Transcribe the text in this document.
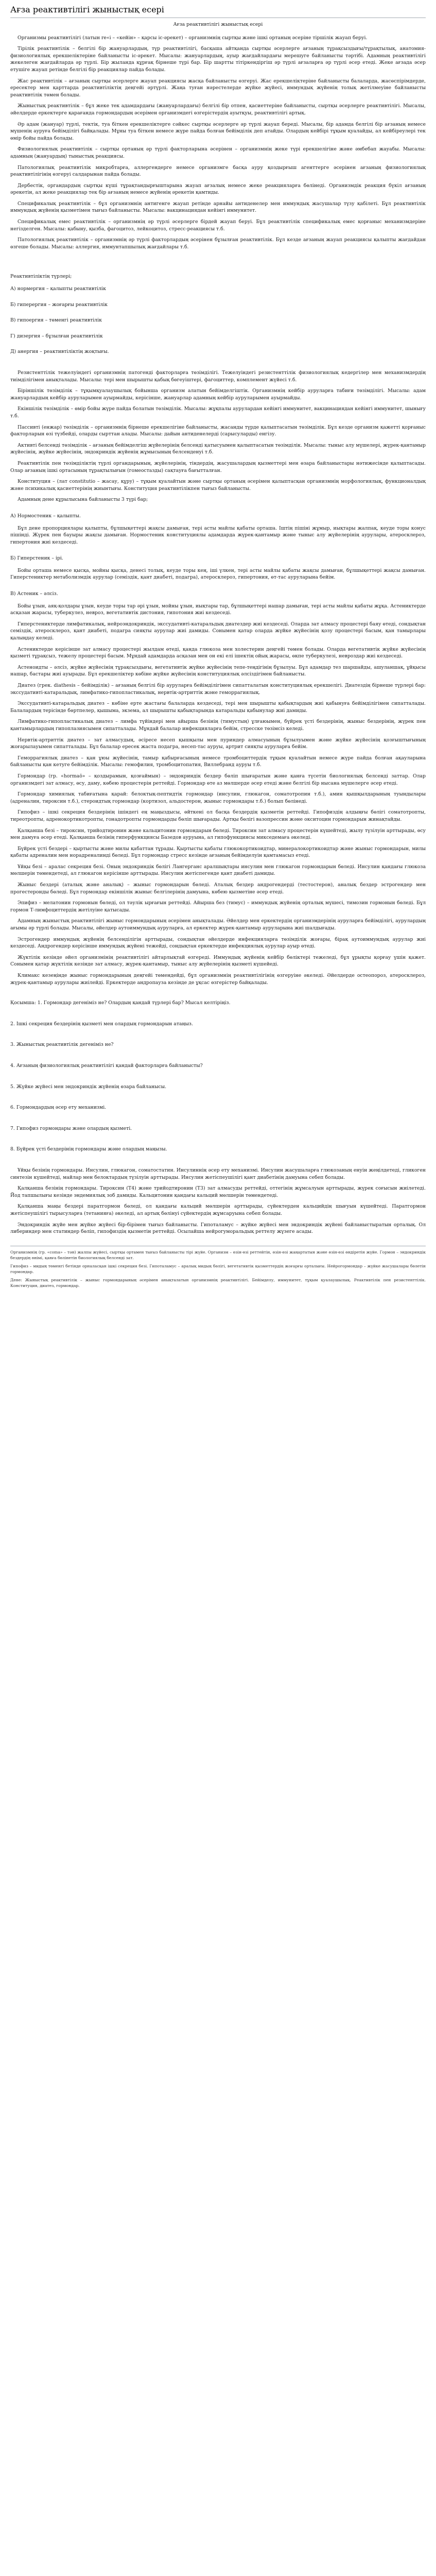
Ағза реактивтілігі жыныстық есері
Ағза реактивтілігі жыныстық есері

Организмы реактивтілігі (латын re«і – «кейін» – қарсы іс-әрекет) – организмнің сыртқы және ішкі ортаның әсеріне тіршілік жауап беруі.

Тірілік реактивтілік – белгілі бір жануарлардың, түр реактивтілігі, басқаша айтқанда сыртқы әсерлерге ағзаның тұрақсыздығы/тұрақтылық, анатомия-физиологиялық ерекшеліктеріне байланысты іс-әрекет. Мысалы: жануарлардың, ауыр жағдайлардағы мерешуге байланысты тәртібі. Адамның реактивтілігі жекелеген жағдайларда әр түрлі. Бір жыланда құрғақ бірнеше түрі бар. Бір шартты тітіркендіргіш әр түрлі ағзаларға әр түрлі әсер етеді. Жеке ағзада әсер етушіге жауап ретінде белгілі бір реакциялар пайда болады.

Жас реактивтілік – ағзаның сыртқы әсерлерге жауап реакциясы жасқа байланысты өзгеруі. Жас ерекшеліктеріне байланысты балаларда, жасөспірімдерде, ересектер мен қарттарда реактивтіліктің деңгейі әртүрлі. Жаңа туған нәрестелерде жүйке жүйесі, иммундық жүйенің толық жетілмеуіне байланысты реактивтілік төмен болады.

Жыныстық реактивтілік – бұл жеке тек адамдардағы (жануарлардағы) белгілі бір отпен, қасиеттеріне байланысты, сыртқы әсерлерге реактивтілігі. Мысалы, әйелдерде еркектерге қарағанда гормондардың әсерімен организмдегі өзгерістердің ауытқуы, реактивтілігі артық.

Әр адам (жануар) түрлі, тектік, туа біткен ерекшеліктерге сәйкес сыртқы әсерлерге әр түрлі жауап береді. Мысалы, бір адамда белгілі бір ағзаның немесе мүшенің ауруға бейімділігі байқалады. Мұны туа біткен немесе жүре пайда болған бейімділік деп атайды. Олардың кейбірі тұқым қуалайды, ал кейбіреулері тек өмір бойы пайда болады.

Физиологиялық реактивтілік – сыртқы ортаның әр түрлі факторларына әсерінен – организмнің жеке түрі ерекшелігіне және әмбебап жауабы. Мысалы: адамның (жануардың) тыныстық реакциясы.

Патологиялық реактивтілік микробтарға, аллергендерге немесе организмге басқа ауру қоздырғыш агенттерге әсерінен ағзаның физиологиялық реактивтілігінің өзгеруі салдарынан пайда болады.

Дербестік, органдардың сыртқы күші тұрақтандырғыштарына жауап ағзалық немесе жеке реакцияларға бөлінеді. Организмдік реакция бүкіл ағзаның әрекетін, ал жеке реакциялар тек бір ағзаның немесе жүйенің әрекетін қамтиды.

Спецификалық реактивтілік – бұл организмнің антигенге жауап ретінде арнайы антиденелер мен иммундық жасушалар түзу қабілеті. Бұл реактивтілік иммундық жүйенің қызметімен тығыз байланысты. Мысалы: вакцинациядан кейінгі иммунитет.

Спецификалық емес реактивтілік – организмнің әр түрлі әсерлерге бірдей жауап беруі. Бұл реактивтілік спецификалық емес қорғаныс механизмдеріне негізделген. Мысалы: қабыну, қызба, фагоцитоз, лейкоцитоз, стресс-реакциясы т.б.

Патологиялық реактивтілік – организмнің әр түрлі факторлардың әсерінен бұзылған реактивтілік. Бұл кезде ағзаның жауап реакциясы қалыпты жағдайдан өзгеше болады. Мысалы: аллергия, иммунтапшылық жағдайлары т.б.

Реактивтіліктің түрлері;
А) нормергия – қалыпты реактивтілік
Б) гиперергия – жоғарғы реактивтілік
В) гипоергия – төменгі реактивтілік
Г) дизергия – бұзылған реактивтілік
Д) анергия – реактивтіліктің жоқтығы.

Резистенттілік тежелуіндегі организмнің патогенді факторларға төзімділігі. Тежелуіндегі резистенттілік физиологиялық кедергілер мен механизмдердің тиімділігімен анықталады. Мысалы: тері мен шырышты қабық бөгеуіштері, фагоциттер, комплемент жүйесі т.б.

Біріншілік төзімділік – тұқымқуалаушылық бойынша организм алатын бейімделгіштік. Организмнің кейбір ауруларға табиғи төзімділігі. Мысалы: адам жануарлардың кейбір ауруларымен ауырмайды, керісінше, жануарлар адамның кейбір ауруларымен ауырмайды.

Екіншілік төзімділік – өмір бойы жүре пайда болатын төзімділік. Мысалы: жұқпалы аурулардан кейінгі иммунитет, вакцинациядан кейінгі иммунитет, шынығу т.б.

Пассивті (енжар) төзімділік – организмнің бірнеше ерекшелігіне байланысты, жасанды түрде қалыптасатын төзімділік. Бұл кезде организм қажетті қорғаныс факторларын өзі түзбейді, оларды сырттан алады. Мысалы: дайын антиденелерді (сарысуларды) енгізу.

Активті белсенді төзімділік – ағзаның бейімделгіш жүйелерінің белсенді қатысуымен қалыптасатын төзімділік. Мысалы: тыныс алу мүшелері, жүрек-қантамыр жүйесінің, жүйке жүйесінің, эндокриндік жүйенің жұмысының белсенденуі т.б.

Реактивтілік пен төзімділіктің түрлі органдарының, жүйелерінің, тіндердің, жасушалардың қызметтері мен өзара байланыстары нәтижесінде қалыптасады. Олар ағзаның ішкі ортасының тұрақтылығын (гомеостазды) сақтауға бағытталған.

Конституция – (лат constitutio – жасау, құру) – тұқым қуалайтын және сыртқы ортаның әсерімен қалыптасқан организмнің морфологиялық, функционалдық және психикалық қасиеттерінің жиынтығы. Конституция реактивтілікпен тығыз байланысты.

Адамның дене құрылысына байланысты 3 түрі бар;

А) Нормостеник – қалыпты.

Бұл дене пропорциялары қалыпты, бұлшықеттері жақсы дамыған, тері асты майлы қабаты орташа. Іштің пішіні жұмыр, иықтары жалпақ, кеуде торы конус пішінді. Жүрек пен бауыры жақсы дамыған. Нормостеник конституциялы адамдарда жүрек-қантамыр және тыныс алу жүйелерінің аурулары, атеросклероз, гипертония жиі кездеседі.

Б) Гиперстеник – ірі.

Бойы орташа немесе қысқа, мойны қысқа, денесі толық, кеуде торы кең, іші үлкен, тері асты майлы қабаты жақсы дамыған, бұлшықеттері жақсы дамыған. Гиперстениктер метаболизмдік аурулар (семіздік, қант диабеті, подагра), атеросклероз, гипертония, өт-тас ауруларына бейім.

В) Астеник – әлсіз.

Бойы ұзын, аяқ-қолдары ұзын, кеуде торы тар әрі ұзын, мойны ұзын, иықтары тар, бұлшықеттері нашар дамыған, тері асты майлы қабаты жұқа. Астениктерде асқазан жарасы, туберкулез, невроз, вегетативтік дистония, гипотония жиі кездеседі.

Гиперстениктерде лимфатикалық, нейроэндокриндік, экссудативті-катаральдық диатездер жиі кездеседі. Оларда зат алмасу процестері баяу өтеді, сондықтан семіздік, атеросклероз, қант диабеті, подагра сияқты аурулар жиі дамиды. Сонымен қатар оларда жүйке жүйесінің қозу процестері басым, қан тамырлары қалыңдау келеді.

Астениктерде керісінше зат алмасу процестері жылдам өтеді, қанда глюкоза мен холестерин деңгейі төмен болады. Оларда вегетативтік жүйке жүйесінің қызметі тұрақсыз, тежелу процестері басым. Мұндай адамдарда асқазан мен он екі елі ішектің ойық жарасы, өкпе туберкулезі, невроздар жиі кездеседі.

Астеноидты – әлсіз, жүйке жүйесінің тұрақсыздығы, вегетативтік жүйке жүйесінің тепе-теңдігінің бұзылуы. Бұл адамдар тез шаршайды, ашуланшақ, ұйқысы нашар, бастары жиі ауырады. Бұл ерекшеліктер көбіне жүйке жүйесінің конституциялық әлсіздігімен байланысты.

Диатез (грек. diathesis – бейімділік) – ағзаның белгілі бір ауруларға бейімділігімен сипатталатын конституциялық ерекшелігі. Диатездің бірнеше түрлері бар: экссудативті-катаральдық, лимфатико-гипопластикалық, нервтік-артриттік және геморрагиялық.

Экссудативті-катаральдық диатез – көбіне ерте жастағы балаларда кездеседі, тері мен шырышты қабықтардың жиі қабынуға бейімділігімен сипатталады. Балалардың терісінде бөртпелер, қышыма, экзема, ал шырышты қабықтарында катаральды қабынулар жиі дамиды.

Лимфатико-гипопластикалық диатез – лимфа түйіндері мен айырша безінің (тимустың) ұлғаюымен, бүйрек үсті бездерінің, жыныс бездерінің, жүрек пен қантамырлардың гипоплазиясымен сипатталады. Мұндай балалар инфекцияларға бейім, стресске төзімсіз келеді.

Нервтік-артриттік диатез – зат алмасудың, әсіресе несеп қышқылы мен пуриндер алмасуының бұзылуымен және жүйке жүйесінің қозғыштығының жоғарылауымен сипатталады. Бұл балалар ересек жаста подагра, несеп-тас ауруы, артрит сияқты ауруларға бейім.

Геморрагиялық диатез – қан ұюы жүйесінің, тамыр қабырғасының немесе тромбоциттердің тұқым қуалайтын немесе жүре пайда болған ақауларына байланысты қан кетуге бейімділік. Мысалы: гемофилия, тромбоцитопатия, Виллебранд ауруы т.б.

Гормондар (гр. «hormaō» – қоздырамын, қозғаймын) – эндокриндік бездер бөліп шығаратын және қанға түсетін биологиялық белсенді заттар. Олар организмдегі зат алмасу, өсу, даму, көбею процестерін реттейді. Гормондар өте аз мөлшерде әсер етеді және белгілі бір нысана мүшелерге әсер етеді.

Гормондар химиялық табиғатына қарай: белоктық-пептидтік гормондар (инсулин, глюкагон, соматотропин т.б.), амин қышқылдарының туындылары (адреналин, тироксин т.б.), стероидтық гормондар (кортизол, альдостерон, жыныс гормондары т.б.) болып бөлінеді.

Гипофиз – ішкі секреция бездерінің ішіндегі ең маңыздысы, өйткені ол басқа бездердің қызметін реттейді. Гипофиздің алдыңғы бөлігі соматотропты, тиреотропты, адренокортикотропты, гонадотропты гормондарды бөліп шығарады. Артқы бөлігі вазопрессин және окситоцин гормондарын жинақтайды.

Қалқанша безі – тироксин, трийодтиронин және кальцитонин гормондарын бөледі. Тироксин зат алмасу процестерін күшейтеді, жылу түзілуін арттырады, өсу мен дамуға әсер етеді. Қалқанша безінің гиперфункциясы Базедов ауруына, ал гипофункциясы микседемаға әкеледі.

Бүйрек үсті бездері – қыртысты және милы қабаттан тұрады. Қыртысты қабаты глюкокортикоидтар, минералокортикоидтар және жыныс гормондарын, милы қабаты адреналин мен норадреналинді бөледі. Бұл гормондар стресс кезінде ағзаның бейімделуін қамтамасыз етеді.

Ұйқы безі – аралас секреция безі. Оның эндокриндік бөлігі Лангерганс аралшықтары инсулин мен глюкагон гормондарын бөледі. Инсулин қандағы глюкоза мөлшерін төмендетеді, ал глюкагон керісінше арттырады. Инсулин жетіспегенде қант диабеті дамиды.

Жыныс бездері (аталық және аналық) – жыныс гормондарын бөледі. Аталық бездер андрогендерді (тестостерон), аналық бездер эстрогендер мен прогестеронды бөледі. Бұл гормондар екіншілік жыныс белгілерінің дамуына, көбею қызметіне әсер етеді.

Эпифиз – мелатонин гормонын бөледі, ол тәулік ырғағын реттейді. Айырша без (тимус) – иммундық жүйенің орталық мүшесі, тимозин гормонын бөледі. Бұл гормон Т-лимфоциттердің жетілуіне қатысады.

Адамның жыныстық реактивтілігі жыныс гормондарының әсерімен анықталады. Әйелдер мен еркектердің организмдерінің ауруларға бейімділігі, аурулардың ағымы әр түрлі болады. Мысалы, әйелдер аутоиммундық ауруларға, ал еркектер жүрек-қантамыр ауруларына жиі шалдығады.

Эстрогендер иммундық жүйенің белсенділігін арттырады, сондықтан әйелдерде инфекцияларға төзімділік жоғары, бірақ аутоиммундық аурулар жиі кездеседі. Андрогендер керісінше иммундық жүйені тежейді, сондықтан еркектерде инфекциялық аурулар ауыр өтеді.

Жүктілік кезінде әйел организмінің реактивтілігі айтарлықтай өзгереді. Иммундық жүйенің кейбір бөліктері тежеледі, бұл ұрықты қорғау үшін қажет. Сонымен қатар жүктілік кезінде зат алмасу, жүрек-қантамыр, тыныс алу жүйелерінің қызметі күшейеді.

Климакс кезеңінде жыныс гормондарының деңгейі төмендейді, бұл организмнің реактивтілігінің өзгеруіне әкеледі. Әйелдерде остеопороз, атеросклероз, жүрек-қантамыр аурулары жиілейді. Еркектерде андропауза кезінде де ұқсас өзгерістер байқалады.

Қосымша: 1. Гормондар дегеніміз не? Олардың қандай түрлері бар? Мысал келтіріңіз.
2. Ішкі секреция бездерінің қызметі мен олардың гормондарын атаңыз.
3. Жыныстық реактивтілік дегеніміз не?
4. Ағзаның физиологиялық реактивтілігі қандай факторларға байланысты?
5. Жүйке жүйесі мен эндокриндік жүйенің өзара байланысы.
6. Гормондардың әсер ету механизмі.
7. Гипофиз гормондары және олардың қызметі.
8. Бүйрек үсті бездерінің гормондары және олардың маңызы.

Ұйқы безінің гормондары. Инсулин, глюкагон, соматостатин. Инсулиннің әсер ету механизмі. Инсулин жасушаларға глюкозаның енуін жеңілдетеді, гликоген синтезін күшейтеді, майлар мен белоктардың түзілуін арттырады. Инсулин жетіспеушілігі қант диабетінің дамуына себеп болады.

Қалқанша безінің гормондары. Тироксин (Т4) және трийодтиронин (Т3) зат алмасуды реттейді, оттегінің жұмсалуын арттырады, жүрек соғысын жиілетеді. Йод тапшылығы кезінде эндемиялық зоб дамиды. Кальцитонин қандағы кальций мөлшерін төмендетеді.

Қалқанша маңы бездері паратгормон бөледі, ол қандағы кальций мөлшерін арттырады, сүйектерден кальцийдің шығуын күшейтеді. Паратгормон жетіспеушілігі тырысуларға (тетанияға) әкеледі, ал артық бөлінуі сүйектердің жұмсаруына себеп болады.

Эндокриндік жүйе мен жүйке жүйесі бір-бірімен тығыз байланысты. Гипоталамус – жүйке жүйесі мен эндокриндік жүйені байланыстыратын орталық. Ол либериндер мен статиндер бөліп, гипофиздің қызметін реттейді. Осылайша нейрогуморальдық реттелу жүзеге асады.

Организмнің (гр. «соma» – тән) жалпы жүйесі, сыртқы ортамен тығыз байланысты тірі жүйе. Организм – өзін-өзі реттейтін, өзін-өзі жаңартатын және өзін-өзі өндіретін жүйе. Гормон – эндокриндік бездердің өнімі, қанға бөлінетін биологиялық белсенді зат.

Гипофиз – мидың төменгі бетінде орналасқан ішкі секреция безі. Гипоталамус – аралық мидың бөлігі, вегетативтік қызметтердің жоғарғы орталығы. Нейрогормондар – жүйке жасушалары бөлетін гормондар.

Дене: Жыныстық реактивтілік – жыныс гормондарының әсерімен анықталатын организмнің реактивтілігі. Бейімделу, иммунитет, тұқым қуалаушылық. Реактивтілік пен резистенттілік. Конституция, диатез, гормондар.
